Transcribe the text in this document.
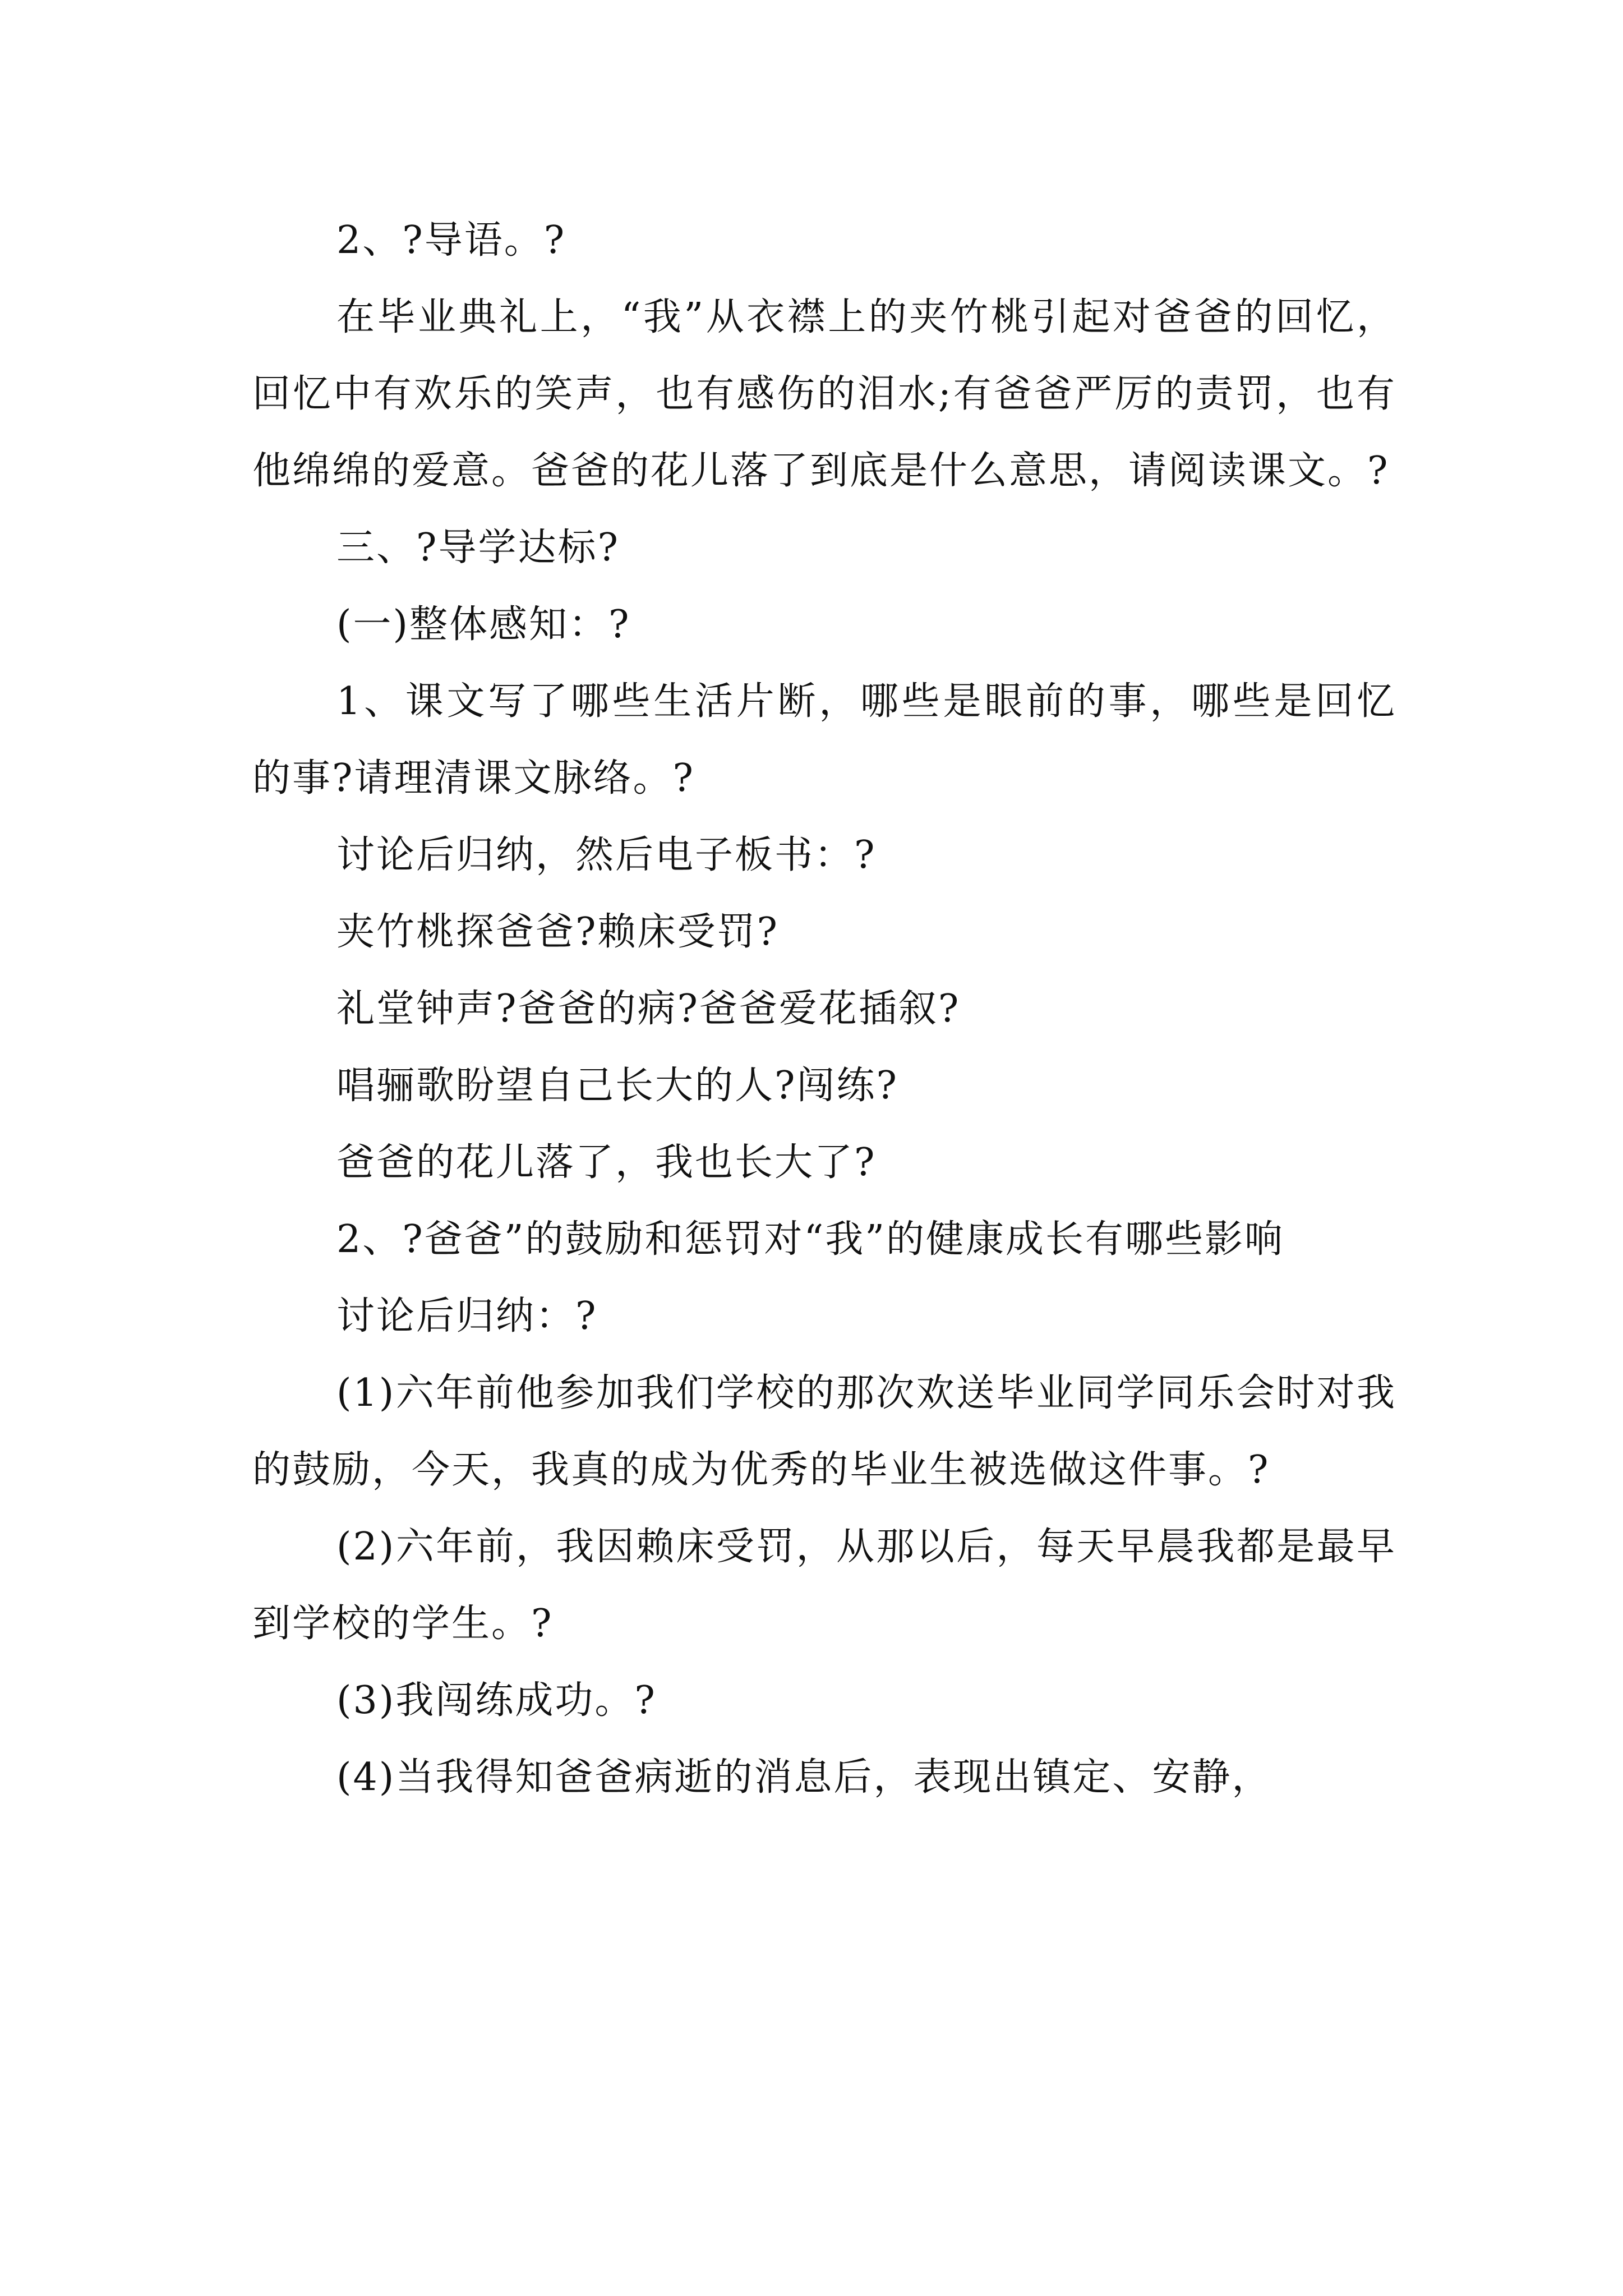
2、?导语。?

在毕业典礼上，“我”从衣襟上的夹竹桃引起对爸爸的回忆，回忆中有欢乐的笑声，也有感伤的泪水;有爸爸严厉的责罚，也有他绵绵的爱意。爸爸的花儿落了到底是什么意思，请阅读课文。?

三、?导学达标?

(一)整体感知：?

1、课文写了哪些生活片断，哪些是眼前的事，哪些是回忆的事?请理清课文脉络。?

讨论后归纳，然后电子板书：?

夹竹桃探爸爸?赖床受罚?

礼堂钟声?爸爸的病?爸爸爱花插叙?

唱骊歌盼望自己长大的人?闯练?

爸爸的花儿落了，我也长大了?

2、?爸爸”的鼓励和惩罚对“我”的健康成长有哪些影响

讨论后归纳：?

(1)六年前他参加我们学校的那次欢送毕业同学同乐会时对我的鼓励，今天，我真的成为优秀的毕业生被选做这件事。?

(2)六年前，我因赖床受罚，从那以后，每天早晨我都是最早到学校的学生。?

(3)我闯练成功。?

(4)当我得知爸爸病逝的消息后，表现出镇定、安静，
